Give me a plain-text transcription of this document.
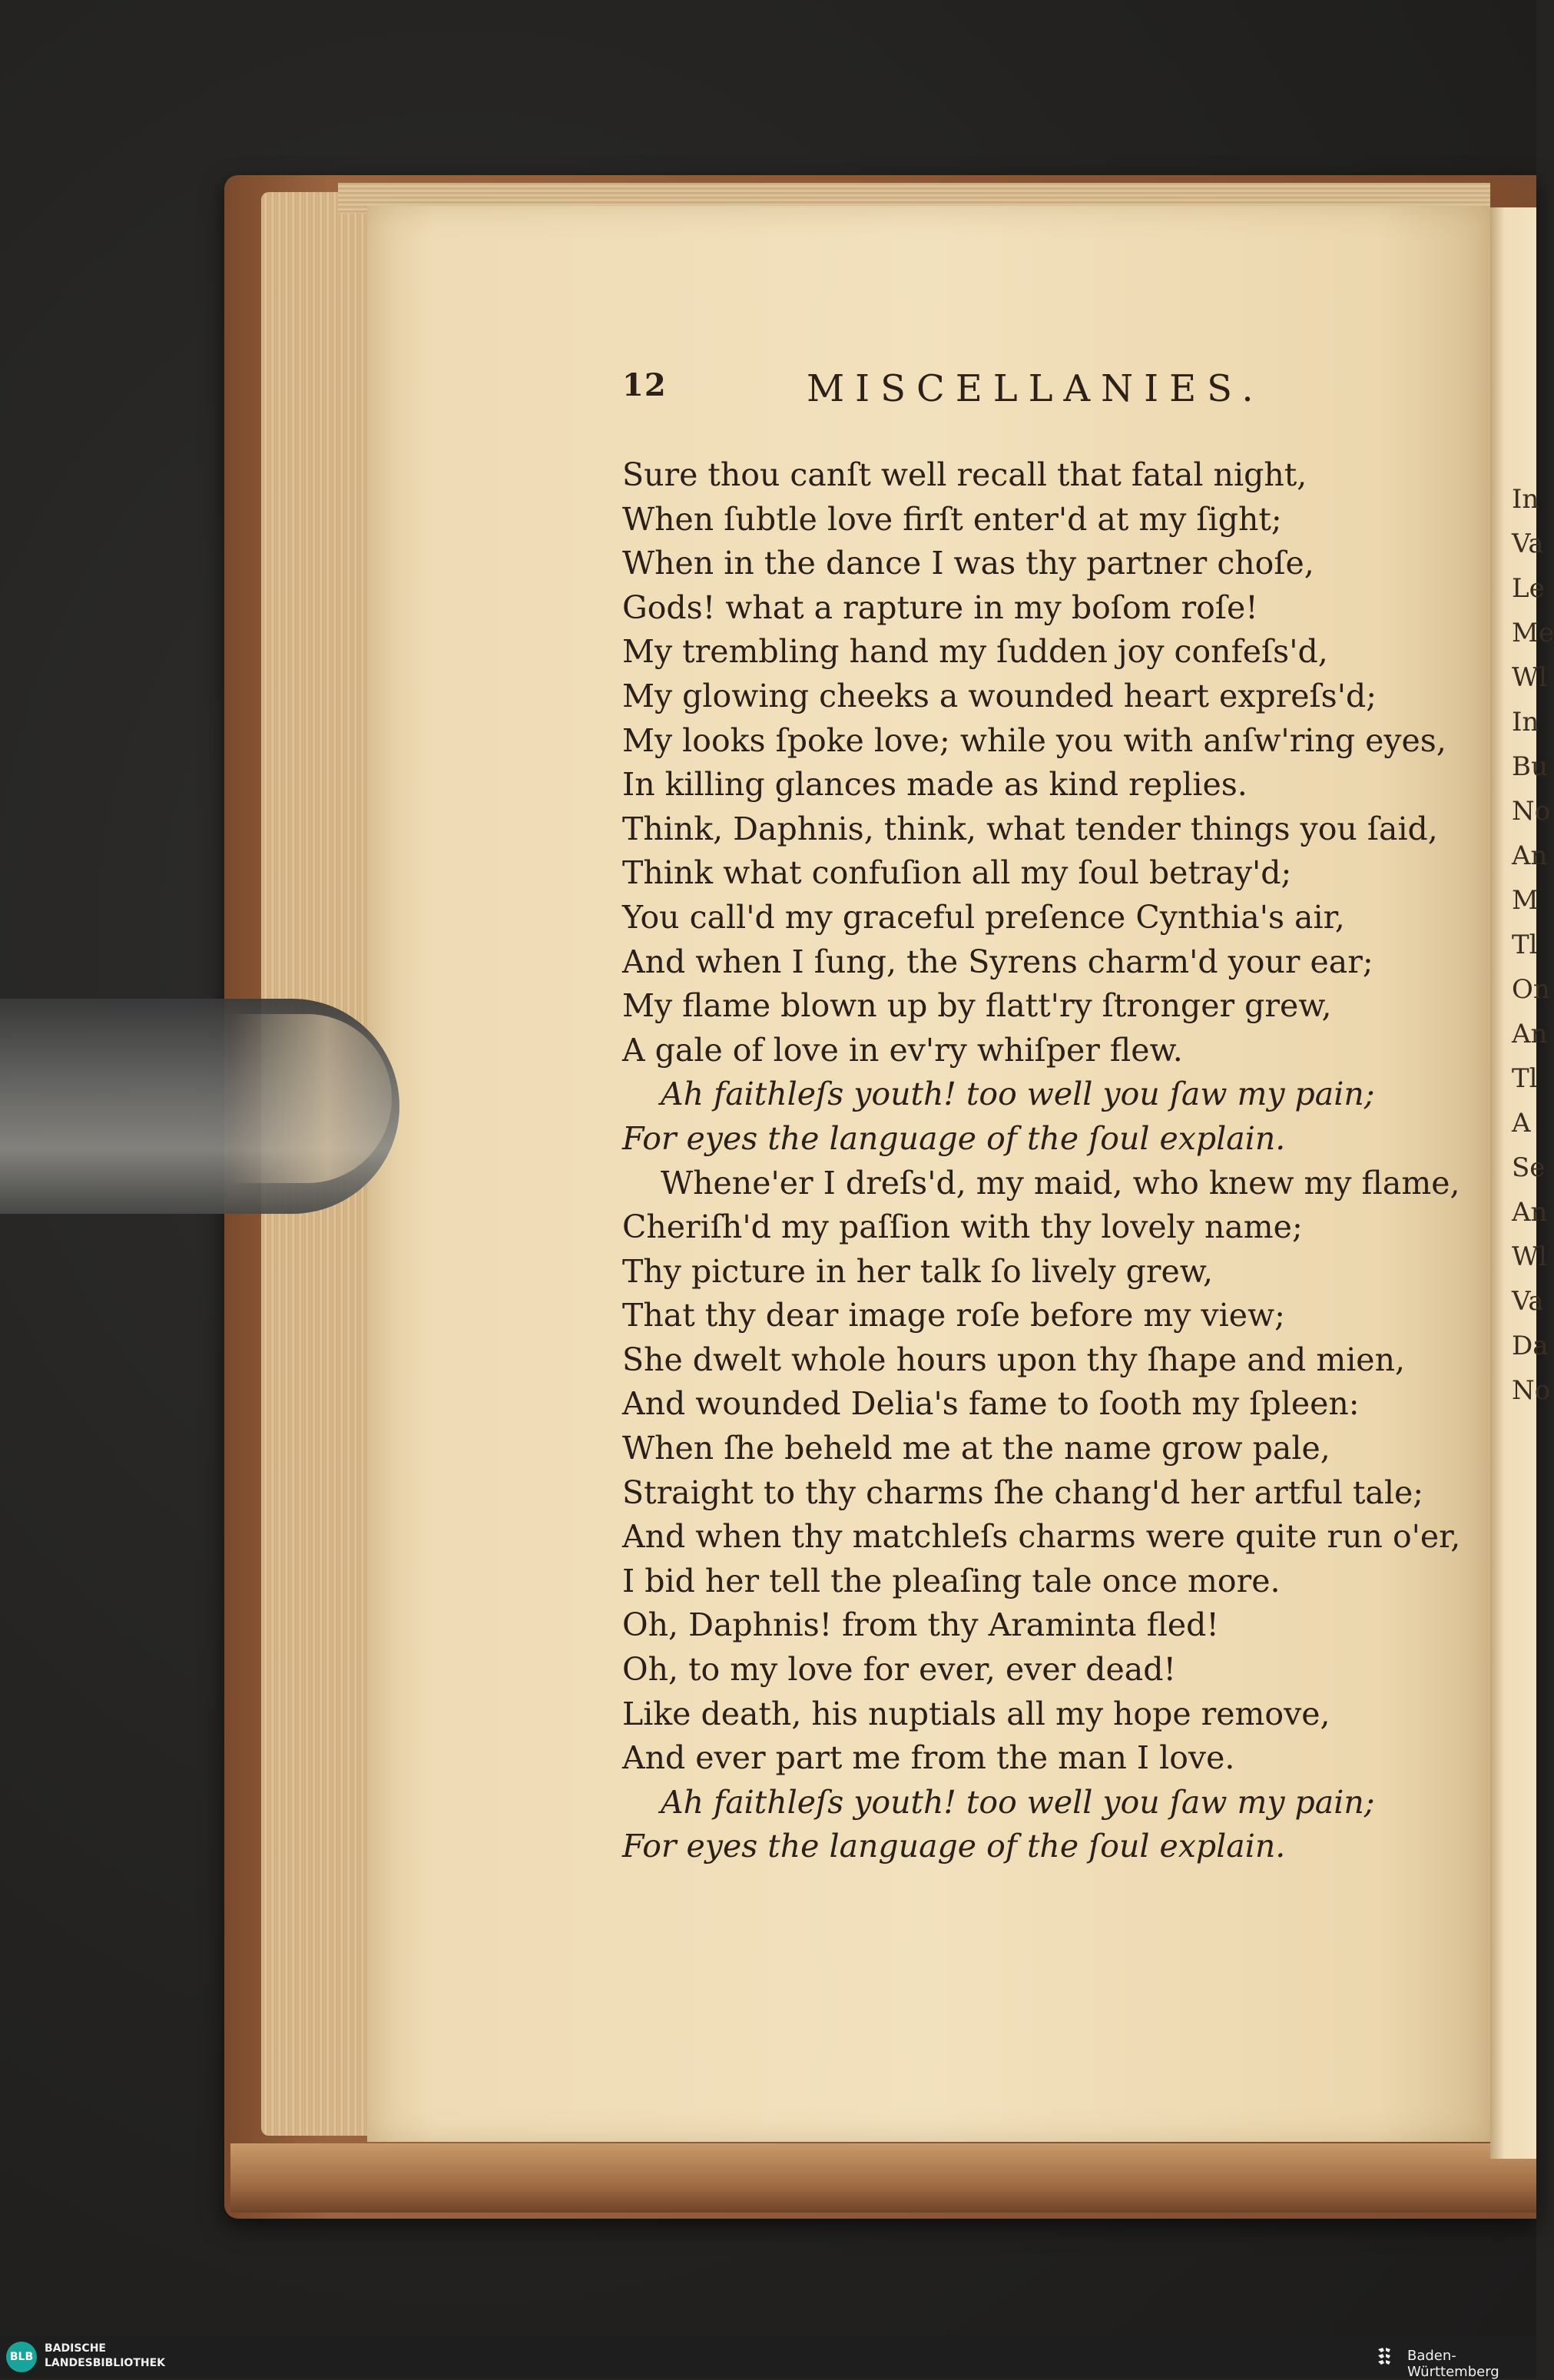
In
Va
Le
Me
Wl
In
Bu
No
An
M
Tl
On
An
Tl
A
Se
An
Wl
Va
Da
No
12	MISCELLANIES.
Sure thou canſt well recall that fatal night,
When ſubtle love firſt enter'd at my ſight;
When in the dance I was thy partner choſe,
Gods! what a rapture in my boſom roſe!
My trembling hand my ſudden joy confeſs'd,
My glowing cheeks a wounded heart expreſs'd;
My looks ſpoke love; while you with anſw'ring eyes,
In killing glances made as kind replies.
Think, Daphnis, think, what tender things you ſaid,
Think what confuſion all my ſoul betray'd;
You call'd my graceful preſence Cynthia's air,
And when I ſung, the Syrens charm'd your ear;
My flame blown up by flatt'ry ſtronger grew,
A gale of love in ev'ry whiſper flew.
Ah faithleſs youth! too well you ſaw my pain;
For eyes the language of the ſoul explain.
Whene'er I dreſs'd, my maid, who knew my flame,
Cheriſh'd my paſſion with thy lovely name;
Thy picture in her talk ſo lively grew,
That thy dear image roſe before my view;
She dwelt whole hours upon thy ſhape and mien,
And wounded Delia's fame to ſooth my ſpleen:
When ſhe beheld me at the name grow pale,
Straight to thy charms ſhe chang'd her artful tale;
And when thy matchleſs charms were quite run o'er,
I bid her tell the pleaſing tale once more.
Oh, Daphnis! from thy Araminta fled!
Oh, to my love for ever, ever dead!
Like death, his nuptials all my hope remove,
And ever part me from the man I love.
Ah faithleſs youth! too well you ſaw my pain;
For eyes the language of the ſoul explain.
BLB
BADISCHE
LANDESBIBLIOTHEK	Baden-Württemberg
